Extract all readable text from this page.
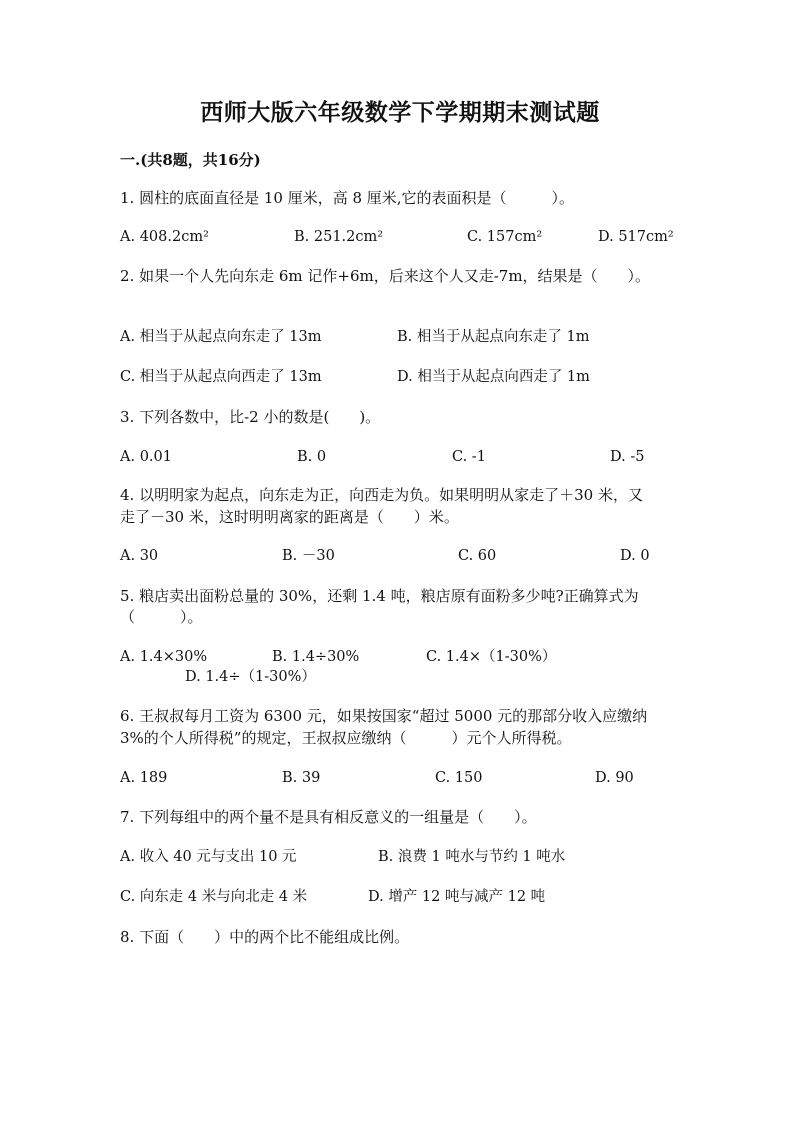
西师大版六年级数学下学期期末测试题
一.(共8题，共16分)
1. 圆柱的底面直径是 10 厘米，高 8 厘米,它的表面积是（　　　）。
A. 408.2cm²	B. 251.2cm²	C. 157cm²	D. 517cm²
2. 如果一个人先向东走 6m 记作+6m，后来这个人又走-7m，结果是（　　）。
A. 相当于从起点向东走了 13m	B. 相当于从起点向东走了 1m
C. 相当于从起点向西走了 13m	D. 相当于从起点向西走了 1m
3. 下列各数中，比-2 小的数是(　　)。
A. 0.01	B. 0	C. -1	D. -5
4. 以明明家为起点，向东走为正，向西走为负。如果明明从家走了＋30 米，又
走了－30 米，这时明明离家的距离是（　　）米。
A. 30	B. －30	C. 60	D. 0
5. 粮店卖出面粉总量的 30%，还剩 1.4 吨，粮店原有面粉多少吨?正确算式为
（　　　）。
A. 1.4×30%	B. 1.4÷30%	C. 1.4×（1-30%）
D. 1.4÷（1-30%）
6. 王叔叔每月工资为 6300 元，如果按国家“超过 5000 元的那部分收入应缴纳
3%的个人所得税”的规定，王叔叔应缴纳（　　　）元个人所得税。
A. 189	B. 39	C. 150	D. 90
7. 下列每组中的两个量不是具有相反意义的一组量是（　　）。
A. 收入 40 元与支出 10 元	B. 浪费 1 吨水与节约 1 吨水
C. 向东走 4 米与向北走 4 米	D. 增产 12 吨与减产 12 吨
8. 下面（　　）中的两个比不能组成比例。
